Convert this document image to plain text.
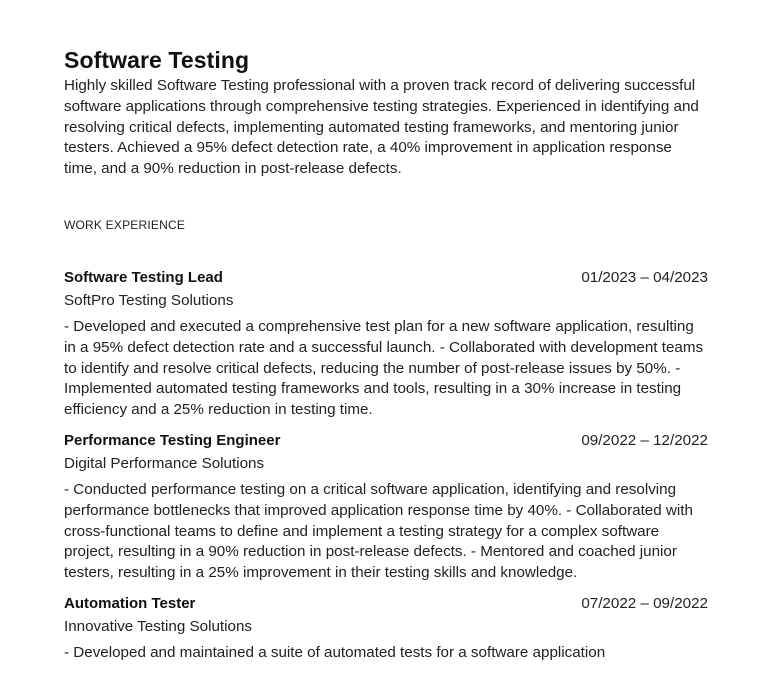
Software Testing

Highly skilled Software Testing professional with a proven track record of delivering successful software applications through comprehensive testing strategies. Experienced in identifying and resolving critical defects, implementing automated testing frameworks, and mentoring junior testers. Achieved a 95% defect detection rate, a 40% improvement in application response time, and a 90% reduction in post-release defects.

WORK EXPERIENCE
Software Testing Lead	01/2023 – 04/2023
SoftPro Testing Solutions
- Developed and executed a comprehensive test plan for a new software application, resulting in a 95% defect detection rate and a successful launch. - Collaborated with development teams to identify and resolve critical defects, reducing the number of post-release issues by 50%. - Implemented automated testing frameworks and tools, resulting in a 30% increase in testing efficiency and a 25% reduction in testing time.
Performance Testing Engineer	09/2022 – 12/2022
Digital Performance Solutions
- Conducted performance testing on a critical software application, identifying and resolving performance bottlenecks that improved application response time by 40%. - Collaborated with cross-functional teams to define and implement a testing strategy for a complex software project, resulting in a 90% reduction in post-release defects. - Mentored and coached junior testers, resulting in a 25% improvement in their testing skills and knowledge.
Automation Tester	07/2022 – 09/2022
Innovative Testing Solutions
- Developed and maintained a suite of automated tests for a software application
